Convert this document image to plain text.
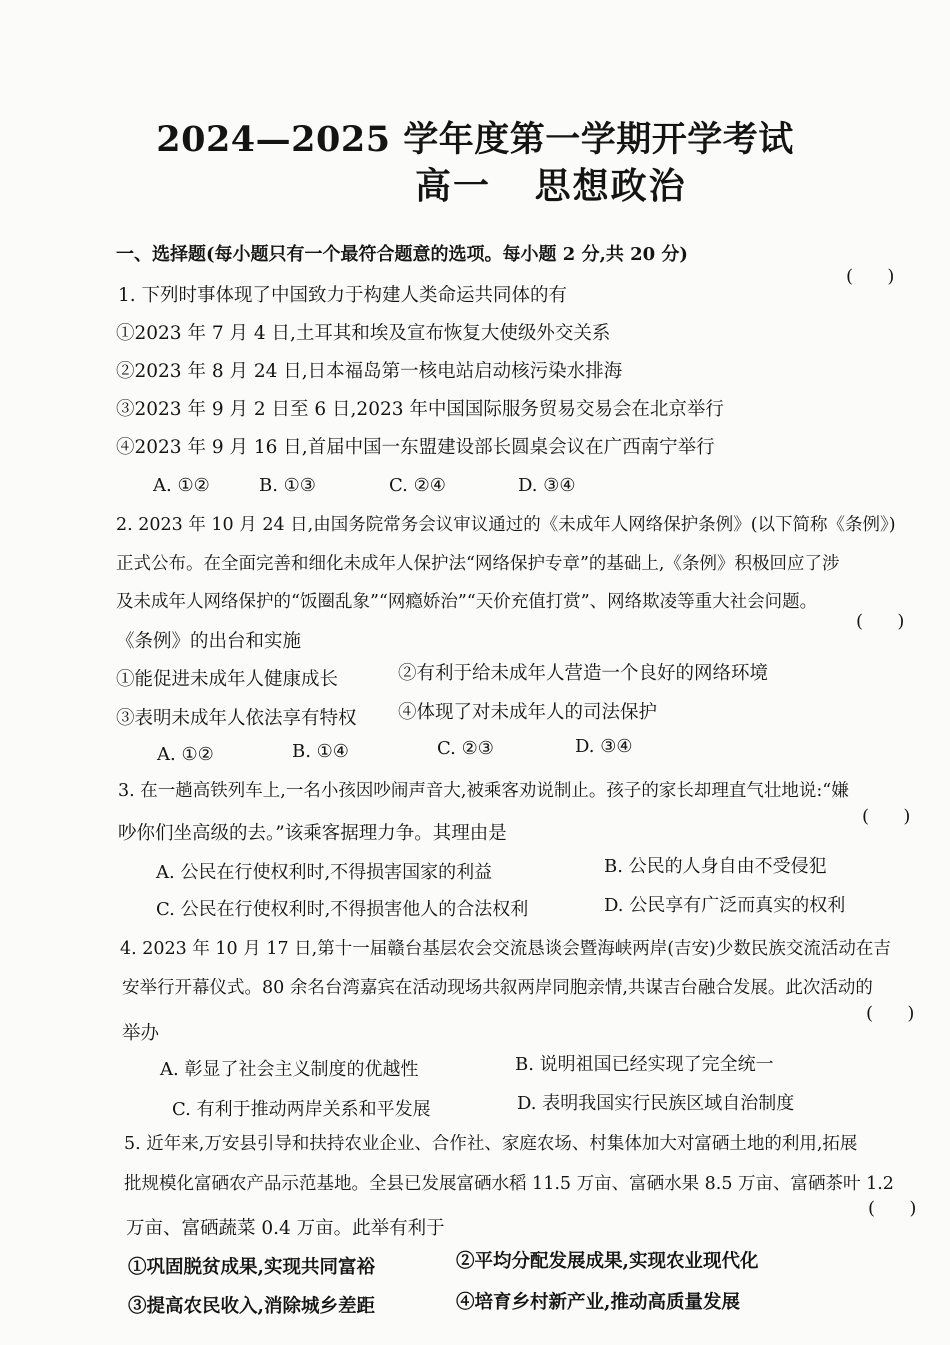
2024—2025 学年度第一学期开学考试
高一   思想政治
一、选择题(每小题只有一个最符合题意的选项。每小题 2 分,共 20 分)
1. 下列时事体现了中国致力于构建人类命运共同体的有
(      )
①2023 年 7 月 4 日,土耳其和埃及宣布恢复大使级外交关系
②2023 年 8 月 24 日,日本福岛第一核电站启动核污染水排海
③2023 年 9 月 2 日至 6 日,2023 年中国国际服务贸易交易会在北京举行
④2023 年 9 月 16 日,首届中国一东盟建设部长圆桌会议在广西南宁举行
A. ①②	B. ①③	C. ②④	D. ③④
2. 2023 年 10 月 24 日,由国务院常务会议审议通过的《未成年人网络保护条例》(以下简称《条例》)
正式公布。在全面完善和细化未成年人保护法“网络保护专章”的基础上,《条例》积极回应了涉
及未成年人网络保护的“饭圈乱象”“网瘾娇治”“天价充值打赏”、网络欺凌等重大社会问题。
《条例》的出台和实施
(      )
①能促进未成年人健康成长	②有利于给未成年人营造一个良好的网络环境
③表明未成年人依法享有特权 ④体现了对未成年人的司法保护
A. ①②	B. ①④	C. ②③	D. ③④
3. 在一趟高铁列车上,一名小孩因吵闹声音大,被乘客劝说制止。孩子的家长却理直气壮地说:“嫌
吵你们坐高级的去。”该乘客据理力争。其理由是
(      )
A. 公民在行使权利时,不得损害国家的利益	B. 公民的人身自由不受侵犯
C. 公民在行使权利时,不得损害他人的合法权利	D. 公民享有广泛而真实的权利
4. 2023 年 10 月 17 日,第十一届赣台基层农会交流恳谈会暨海峡两岸(吉安)少数民族交流活动在吉
安举行开幕仪式。80 余名台湾嘉宾在活动现场共叙两岸同胞亲情,共谋吉台融合发展。此次活动的
举办
(      )
A. 彰显了社会主义制度的优越性	B. 说明祖国已经实现了完全统一
C. 有利于推动两岸关系和平发展	D. 表明我国实行民族区域自治制度
5. 近年来,万安县引导和扶持农业企业、合作社、家庭农场、村集体加大对富硒土地的利用,拓展
批规模化富硒农产品示范基地。全县已发展富硒水稻 11.5 万亩、富硒水果 8.5 万亩、富硒茶叶 1.2
万亩、富硒蔬菜 0.4 万亩。此举有利于
(      )
①巩固脱贫成果,实现共同富裕	②平均分配发展成果,实现农业现代化
③提高农民收入,消除城乡差距	④培育乡村新产业,推动高质量发展
